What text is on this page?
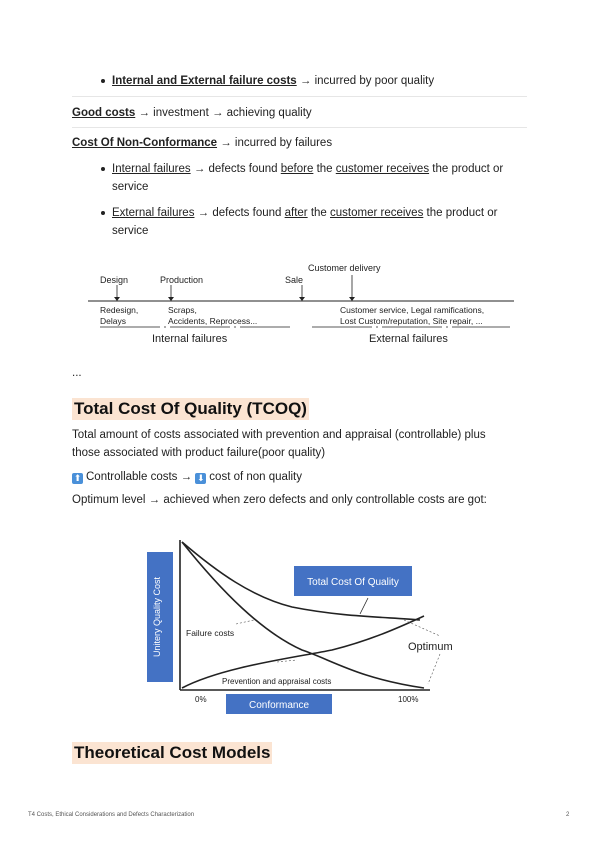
Internal and External failure costs → incurred by poor quality
Good costs → investment → achieving quality
Cost Of Non-Conformance → incurred by failures
Internal failures → defects found before the customer receives the product or
service
External failures → defects found after the customer receives the product or
service
Design	Production	Sale
Customer delivery
Redesign,
Delays
Scraps,
Accidents, Reprocess...
Customer service, Legal ramifications,
Lost Custom/reputation, Site repair, ...
Internal failures	External failures
...
Total Cost Of Quality (TCOQ)
Total amount of costs associated with prevention and appraisal (controllable) plus
those associated with product failure(poor quality)
⬆ Controllable costs → ⬇ cost of non quality
Optimum level → achieved when zero defects and only controllable costs are got:
Unitery Quality Cost	Total Cost Of Quality
Failure costs
Optimum
Prevention and appraisal costs
0%	100%
Conformance
Theoretical Cost Models
T4 Costs, Ethical Considerations and Defects Characterization	2
